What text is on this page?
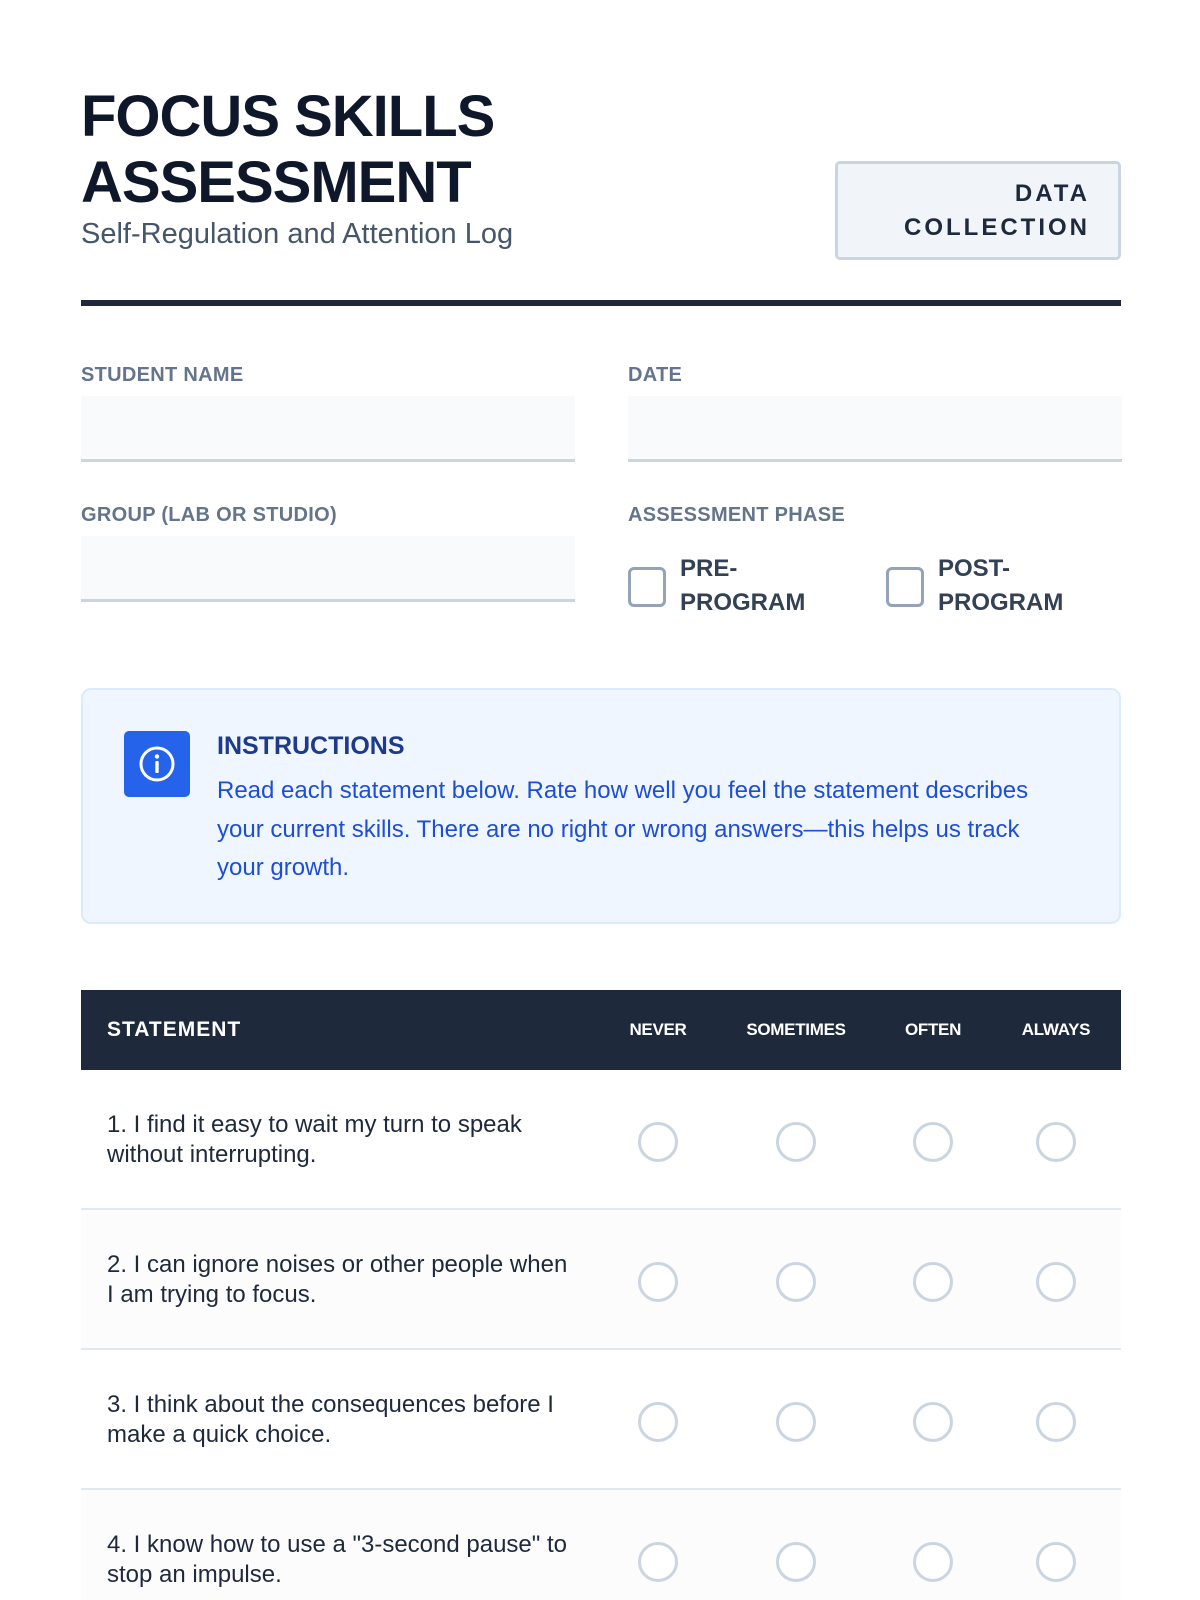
FOCUS SKILLS ASSESSMENT
Self-Regulation and Attention Log
DATA COLLECTION
STUDENT NAME	DATE
GROUP (LAB OR STUDIO)	ASSESSMENT PHASE
PRE-PROGRAM
POST-PROGRAM
INSTRUCTIONS
Read each statement below. Rate how well you feel the statement describes your current skills. There are no right or wrong answers—this helps us track your growth.
STATEMENT	NEVER	SOMETIMES	OFTEN	ALWAYS
1. I find it easy to wait my turn to speak without interrupting.
2. I can ignore noises or other people when I am trying to focus.
3. I think about the consequences before I make a quick choice.
4. I know how to use a "3-second pause" to stop an impulse.
